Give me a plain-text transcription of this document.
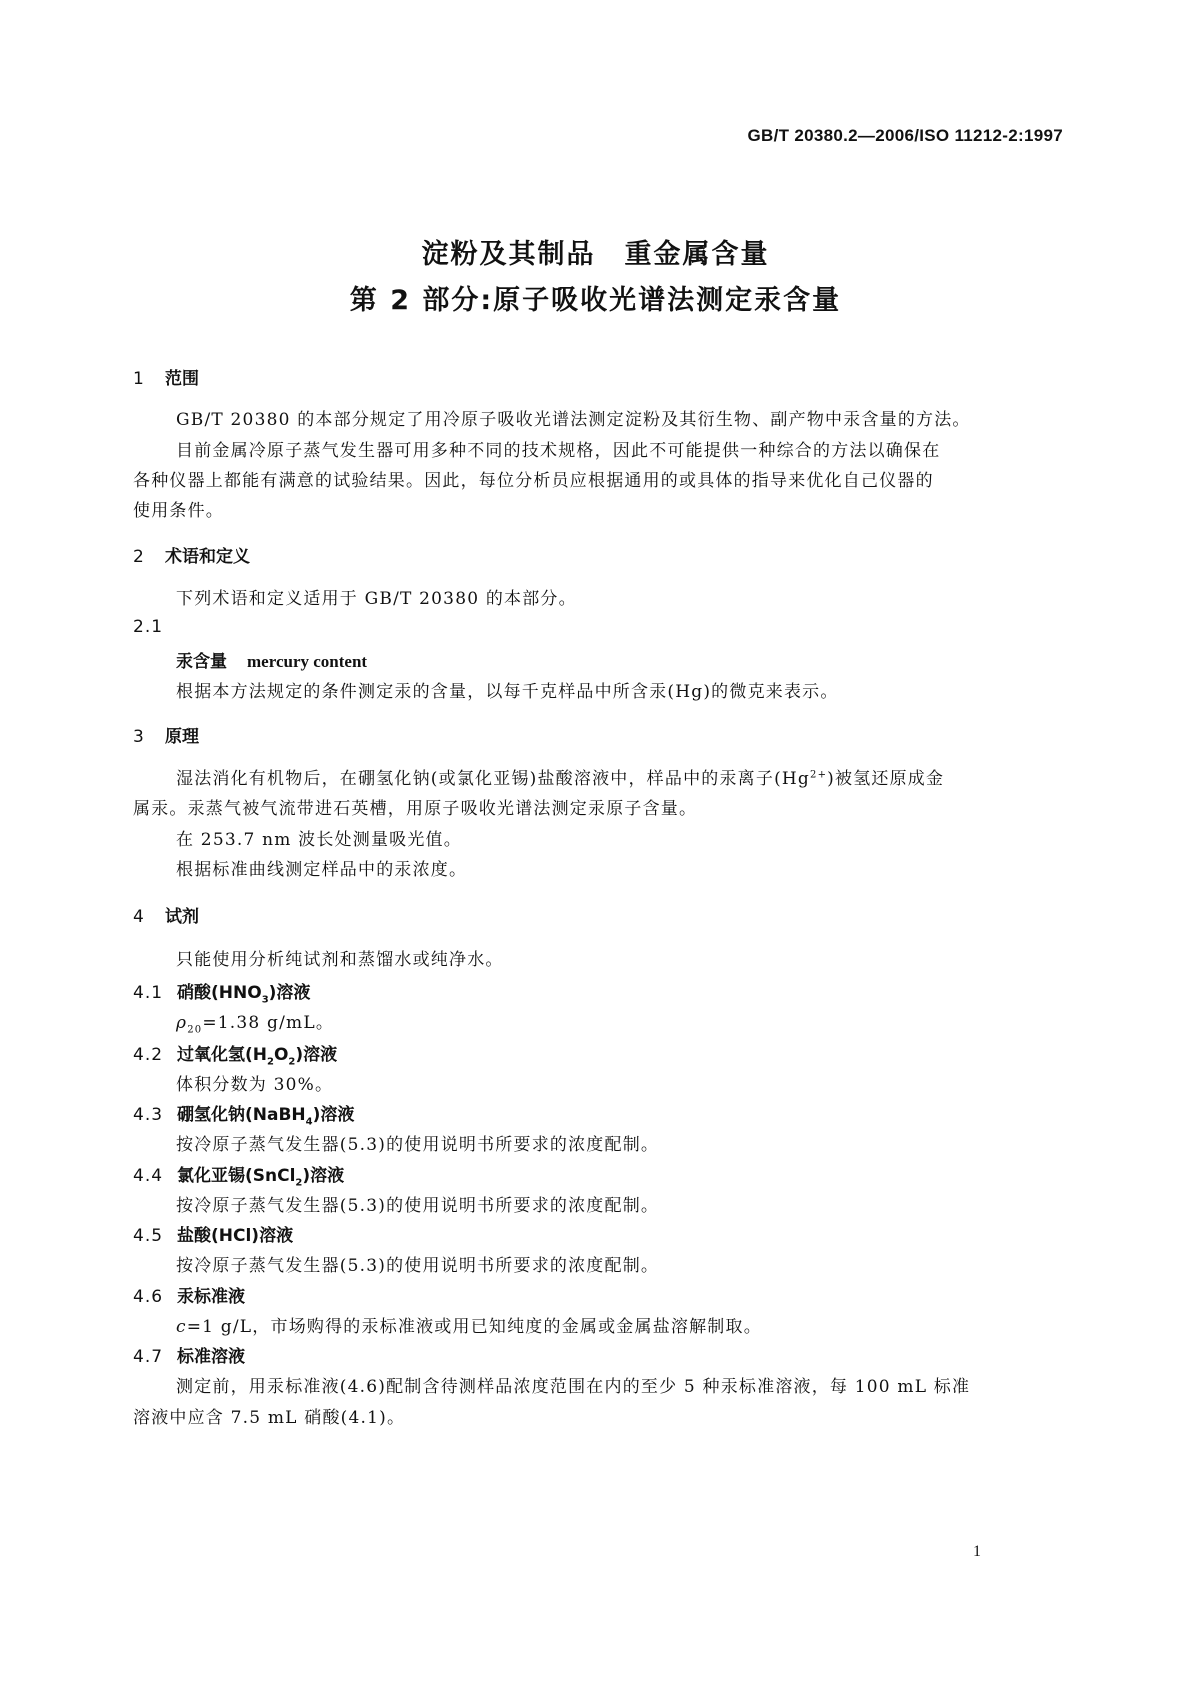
GB/T 20380.2—2006/ISO 11212-2:1997
淀粉及其制品　重金属含量
第 2 部分:原子吸收光谱法测定汞含量
1 范围
GB/T 20380 的本部分规定了用冷原子吸收光谱法测定淀粉及其衍生物、副产物中汞含量的方法。
目前金属冷原子蒸气发生器可用多种不同的技术规格，因此不可能提供一种综合的方法以确保在
各种仪器上都能有满意的试验结果。因此，每位分析员应根据通用的或具体的指导来优化自己仪器的
使用条件。
2 术语和定义
下列术语和定义适用于 GB/T 20380 的本部分。
2.1
汞含量 mercury content
根据本方法规定的条件测定汞的含量，以每千克样品中所含汞(Hg)的微克来表示。
3 原理
湿法消化有机物后，在硼氢化钠(或氯化亚锡)盐酸溶液中，样品中的汞离子$(Hg^{2+})$被氢还原成金
属汞。汞蒸气被气流带进石英槽，用原子吸收光谱法测定汞原子含量。
在 253.7 nm 波长处测量吸光值。
根据标准曲线测定样品中的汞浓度。
4 试剂
只能使用分析纯试剂和蒸馏水或纯净水。
4.1 硝酸$(HNO_3)$溶液
$\rho_{20}=1.38$ g/mL。
4.2 过氧化氢$(H_2O_2)$溶液
体积分数为 30%。
4.3 硼氢化钠(NaBH$_4$)溶液
按冷原子蒸气发生器(5.3)的使用说明书所要求的浓度配制。
4.4 氯化亚锡(SnCl$_2$)溶液
按冷原子蒸气发生器(5.3)的使用说明书所要求的浓度配制。
4.5 盐酸(HCl)溶液
按冷原子蒸气发生器(5.3)的使用说明书所要求的浓度配制。
4.6 汞标准液
c=1 g/L，市场购得的汞标准液或用已知纯度的金属或金属盐溶解制取。
4.7 标准溶液
测定前，用汞标准液(4.6)配制含待测样品浓度范围在内的至少 5 种汞标准溶液，每 100 mL 标准
溶液中应含 7.5 mL 硝酸(4.1)。
1
